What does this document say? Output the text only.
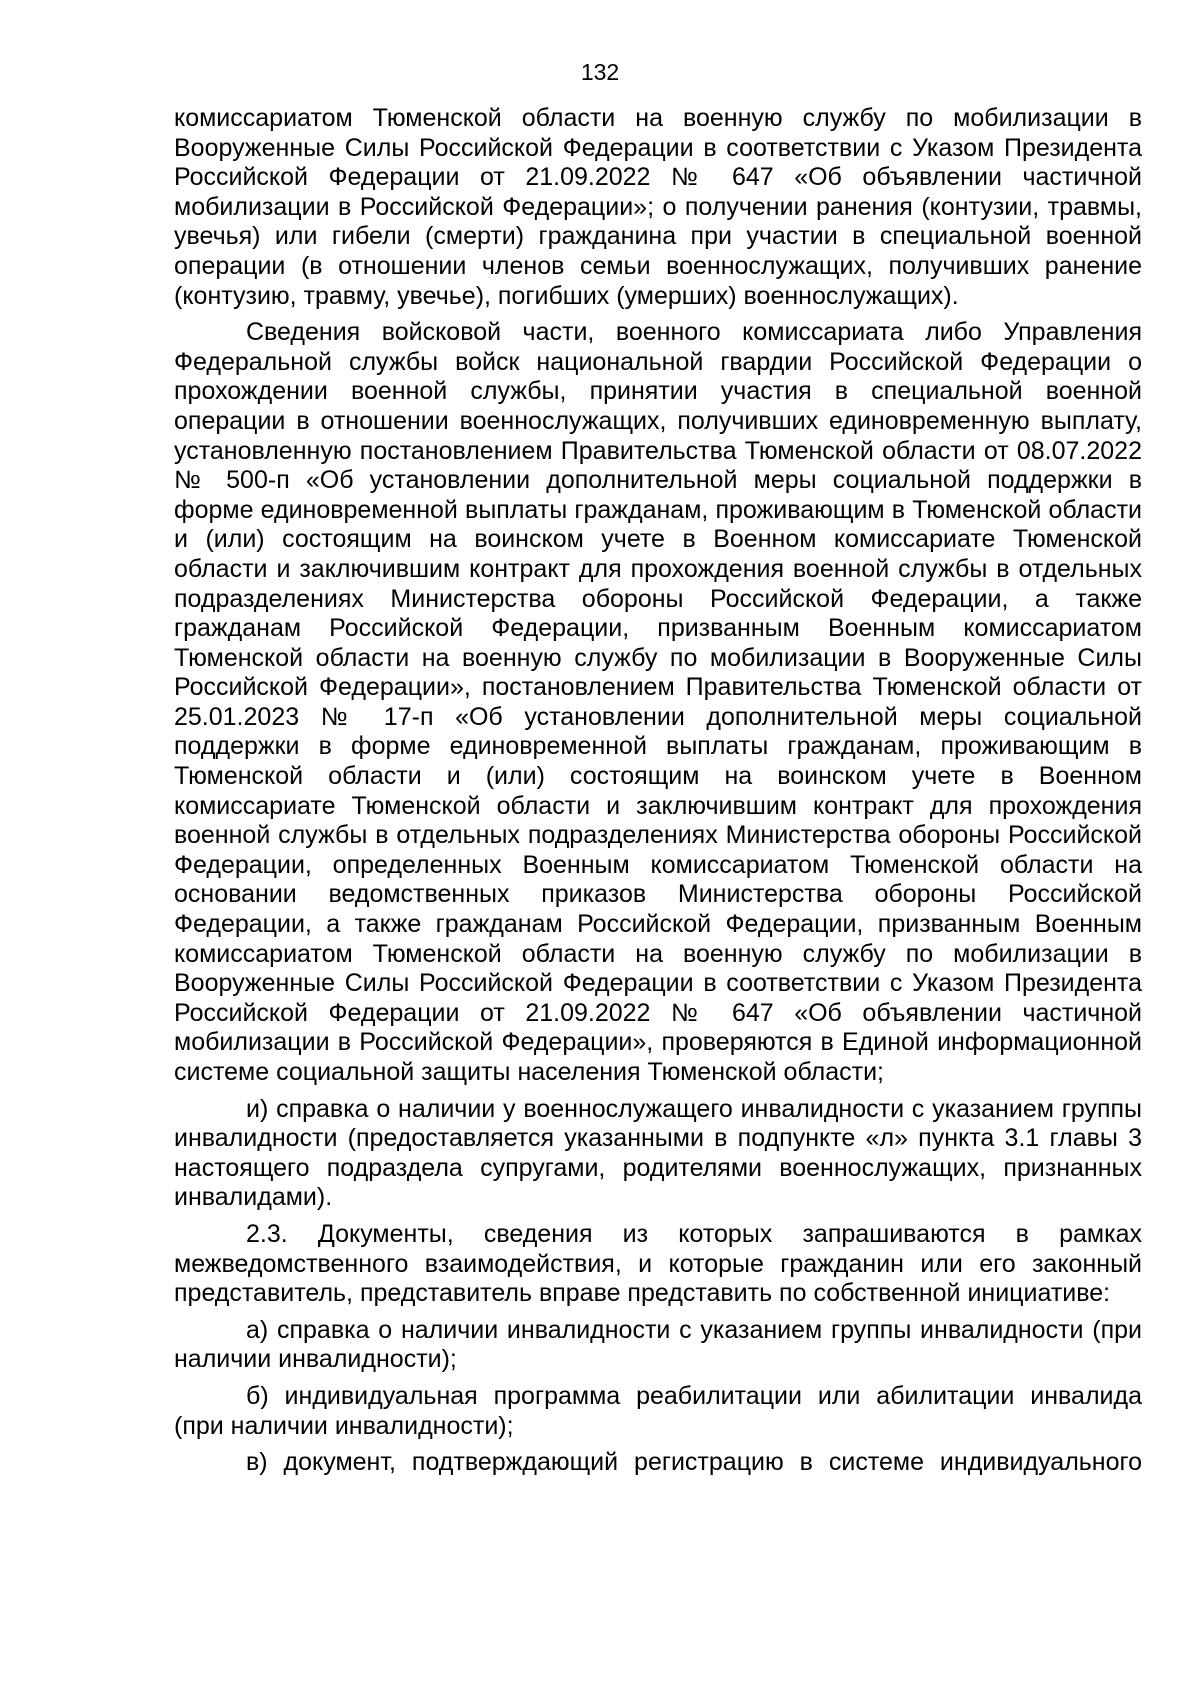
132

комиссариатом Тюменской области на военную службу по мобилизации в Вооруженные Силы Российской Федерации в соответствии с Указом Президента Российской Федерации от 21.09.2022 № 647 «Об объявлении частичной мобилизации в Российской Федерации»; о получении ранения (контузии, травмы, увечья) или гибели (смерти) гражданина при участии в специальной военной операции (в отношении членов семьи военнослужащих, получивших ранение (контузию, травму, увечье), погибших (умерших) военнослужащих).

Сведения войсковой части, военного комиссариата либо Управления Федеральной службы войск национальной гвардии Российской Федерации о прохождении военной службы, принятии участия в специальной военной операции в отношении военнослужащих, получивших единовременную выплату, установленную постановлением Правительства Тюменской области от 08.07.2022 № 500-п «Об установлении дополнительной меры социальной поддержки в форме единовременной выплаты гражданам, проживающим в Тюменской области и (или) состоящим на воинском учете в Военном комиссариате Тюменской области и заключившим контракт для прохождения военной службы в отдельных подразделениях Министерства обороны Российской Федерации, а также гражданам Российской Федерации, призванным Военным комиссариатом Тюменской области на военную службу по мобилизации в Вооруженные Силы Российской Федерации», постановлением Правительства Тюменской области от 25.01.2023 № 17-п «Об установлении дополнительной меры социальной поддержки в форме единовременной выплаты гражданам, проживающим в Тюменской области и (или) состоящим на воинском учете в Военном комиссариате Тюменской области и заключившим контракт для прохождения военной службы в отдельных подразделениях Министерства обороны Российской Федерации, определенных Военным комиссариатом Тюменской области на основании ведомственных приказов Министерства обороны Российской Федерации, а также гражданам Российской Федерации, призванным Военным комиссариатом Тюменской области на военную службу по мобилизации в Вооруженные Силы Российской Федерации в соответствии с Указом Президента Российской Федерации от 21.09.2022 № 647 «Об объявлении частичной мобилизации в Российской Федерации», проверяются в Единой информационной системе социальной защиты населения Тюменской области;

и) справка о наличии у военнослужащего инвалидности с указанием группы инвалидности (предоставляется указанными в подпункте «л» пункта 3.1 главы 3 настоящего подраздела супругами, родителями военнослужащих, признанных инвалидами).

2.3. Документы, сведения из которых запрашиваются в рамках межведомственного взаимодействия, и которые гражданин или его законный представитель, представитель вправе представить по собственной инициативе:

а) справка о наличии инвалидности с указанием группы инвалидности (при наличии инвалидности);

б) индивидуальная программа реабилитации или абилитации инвалида (при наличии инвалидности);

в) документ, подтверждающий регистрацию в системе индивидуального
